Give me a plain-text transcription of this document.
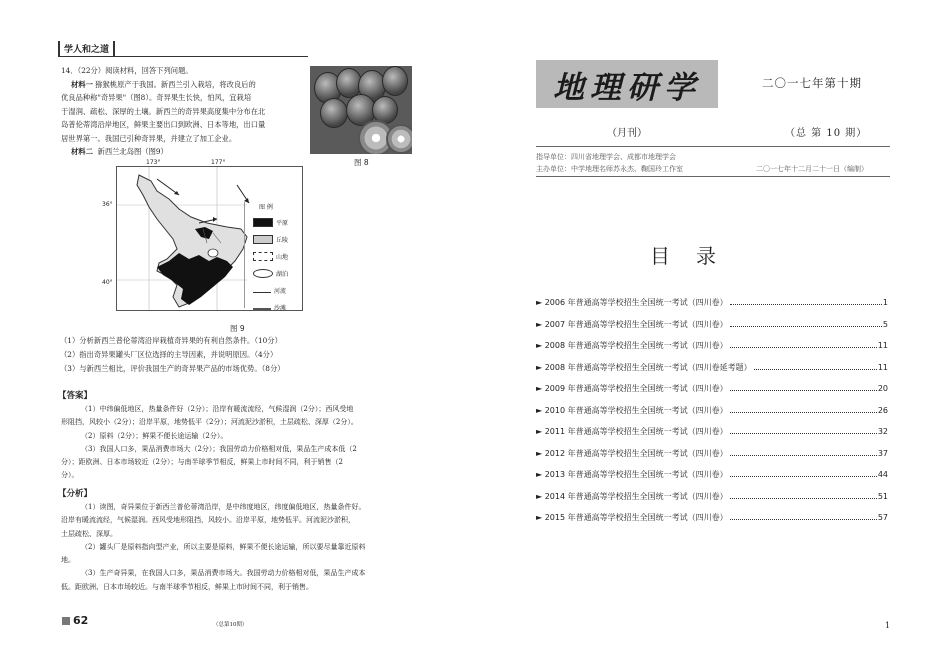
学人和之道
14．（22分）阅读材料，回答下列问题。
材料一 猕猴桃原产于我国。新西兰引入栽培，将改良后的
优良品种称"奇异果"（图8）。奇异果生长快，怕风，宜栽培
于湿润、疏松、深厚的土壤。新西兰的奇异果高度集中分布在北
岛普伦蒂湾沿岸地区，鲜果主要出口到欧洲、日本等地，出口量
居世界第一。我国已引种奇异果，并建立了加工企业。
材料二 新西兰北岛图（图9）
图 8
173°	177°
36°
40°
图 例
平原
丘陵
山地
湖泊
河流
沙滩
图 9
（1）分析新西兰普伦蒂湾沿岸栽植奇异果的有利自然条件。（10分）
（2）指出奇异果罐头厂区位选择的主导因素，并说明原因。（4分）
（3）与新西兰相比，评价我国生产的奇异果产品的市场优势。（8分）
【答案】

（1）中纬偏低地区，热量条件好（2分）；沿岸有暖流流经，气候湿润（2分）；西风受地

形阻挡，风较小（2分）；沿岸平原，地势低平（2分）；河流泥沙淤积，土层疏松、深厚（2分）。

（2）原料（2分）；鲜果不便长途运输（2分）。

（3）我国人口多，果品消费市场大（2分）；我国劳动力价格相对低，果品生产成本低（2

分）；距欧洲、日本市场较近（2分）；与南半球季节相反，鲜果上市时间不同，利于销售（2

分）。

【分析】

（1）读图，奇异果位于新西兰普伦蒂湾沿岸，是中纬度地区，纬度偏低地区，热量条件好。

沿岸有暖流流经，气候湿润。西风受地形阻挡，风较小。沿岸平原，地势低平。河流泥沙淤积，

土层疏松、深厚。

（2）罐头厂是原料指向型产业，所以主要是原料，鲜果不便长途运输，所以要尽量靠近原料

地。

（3）生产奇异果，在我国人口多，果品消费市场大。我国劳动力价格相对低，果品生产成本

低。距欧洲、日本市场较近。与南半球季节相反，鲜果上市时间不同，利于销售。

62	（总第10期）
地理研学	二〇一七年第十期
（月刊）	（总 第 10 期）
指导单位：四川省地理学会、成都市地理学会
主办单位：中学地理名师苏永杰、鞠国玲工作室	二〇一七年十二月二十一日（编制）
目录
► 2006 年普通高等学校招生全国统一考试（四川卷）	1
► 2007 年普通高等学校招生全国统一考试（四川卷）	5
► 2008 年普通高等学校招生全国统一考试（四川卷）	11
► 2008 年普通高等学校招生全国统一考试（四川卷延考题）	11
► 2009 年普通高等学校招生全国统一考试（四川卷）	20
► 2010 年普通高等学校招生全国统一考试（四川卷）	26
► 2011 年普通高等学校招生全国统一考试（四川卷）	32
► 2012 年普通高等学校招生全国统一考试（四川卷）	37
► 2013 年普通高等学校招生全国统一考试（四川卷）	44
► 2014 年普通高等学校招生全国统一考试（四川卷）	51
► 2015 年普通高等学校招生全国统一考试（四川卷）	57
1
